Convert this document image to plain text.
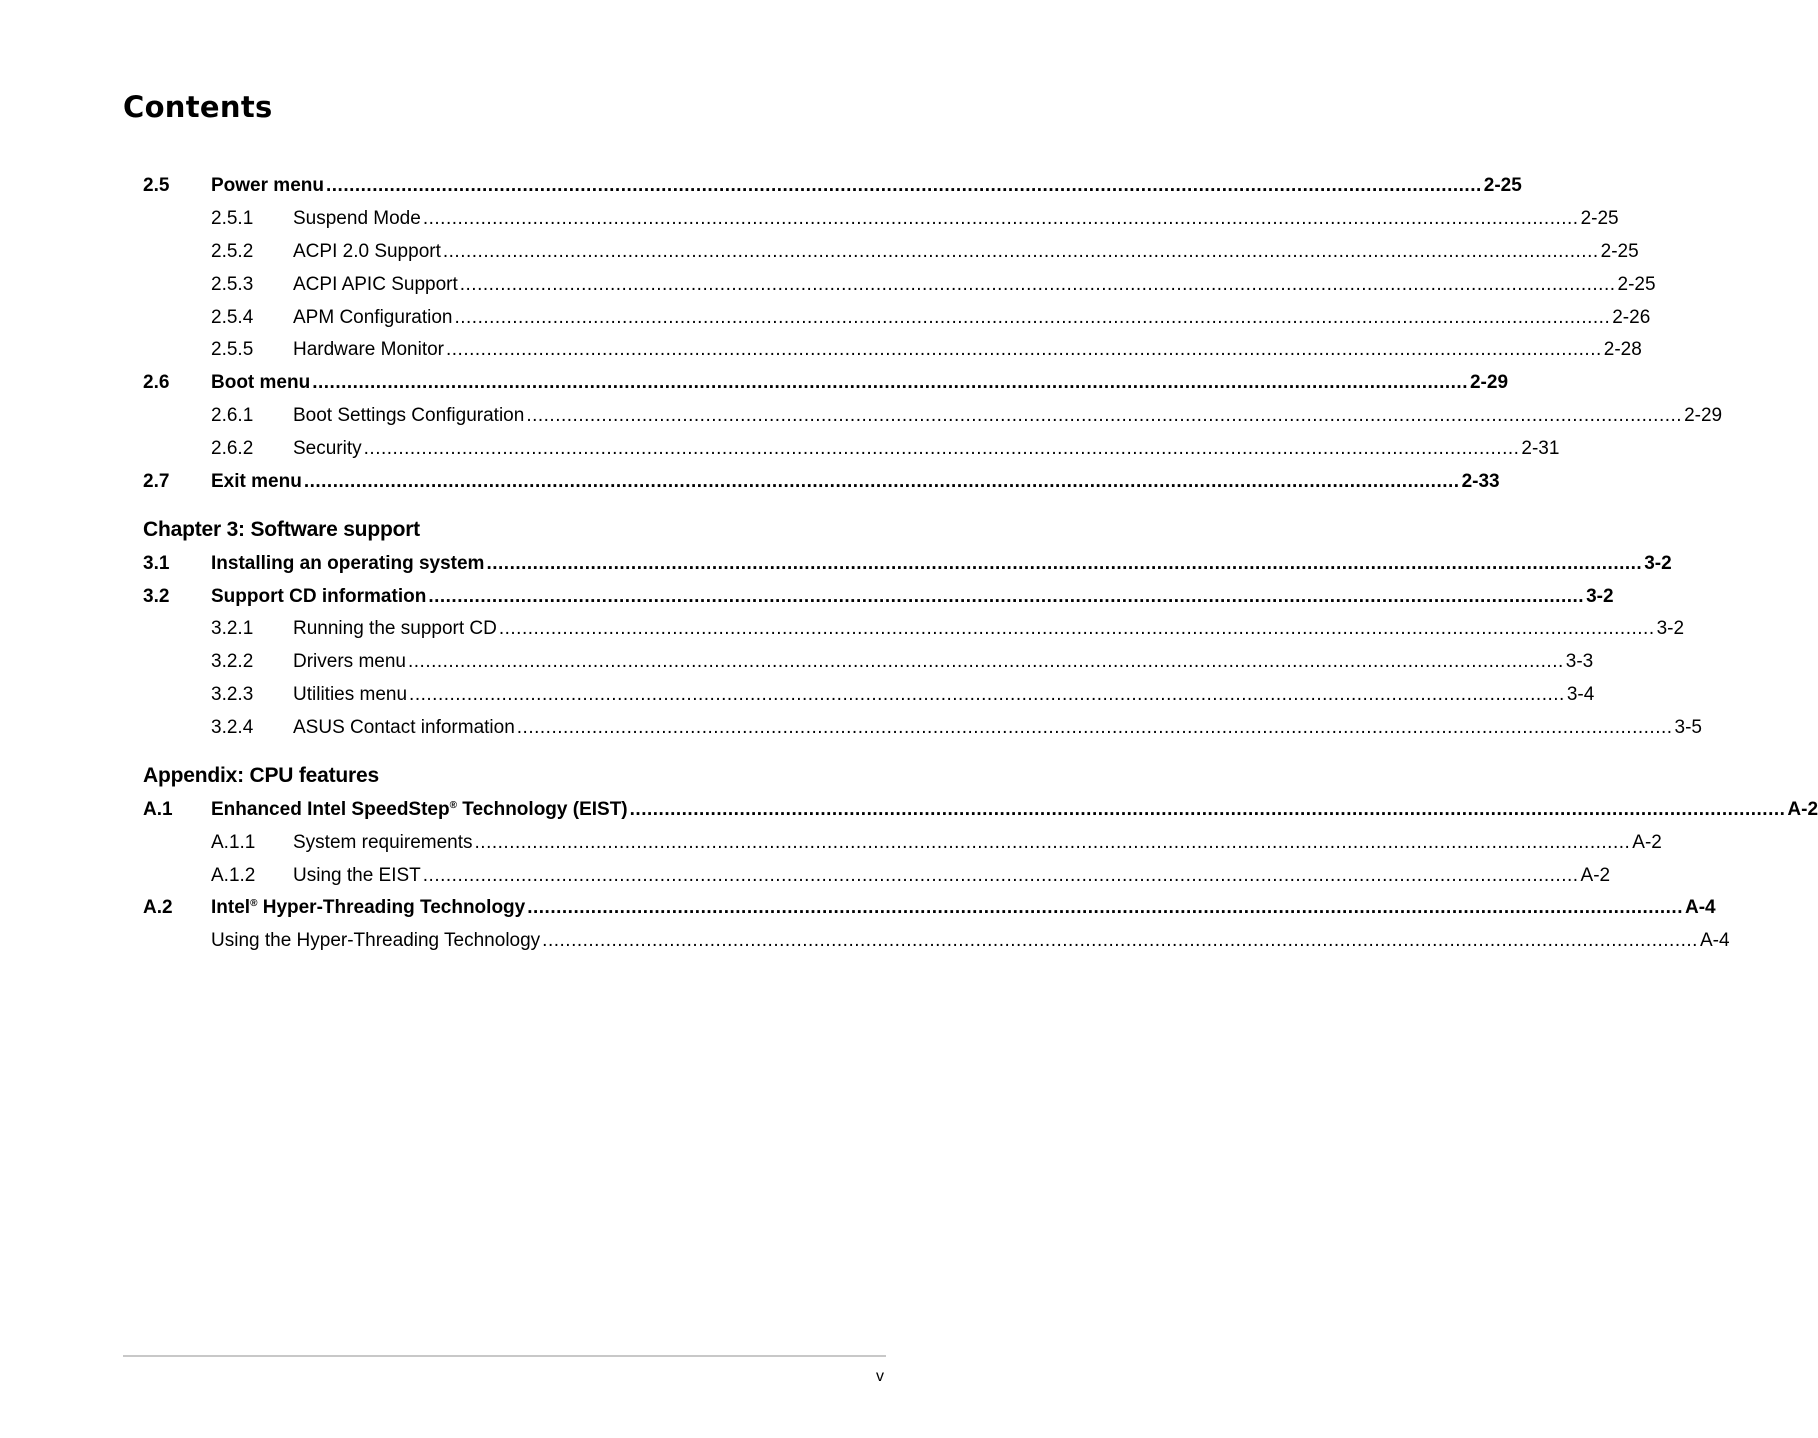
Contents
2.5 Power menu ........................................................................................................................................................................................................ 2-25
2.5.1 Suspend Mode ........................................................................................................................................................................................................ 2-25
2.5.2 ACPI 2.0 Support ........................................................................................................................................................................................................ 2-25
2.5.3 ACPI APIC Support ........................................................................................................................................................................................................ 2-25
2.5.4 APM Configuration ........................................................................................................................................................................................................ 2-26
2.5.5 Hardware Monitor ........................................................................................................................................................................................................ 2-28
2.6 Boot menu ........................................................................................................................................................................................................ 2-29
2.6.1 Boot Settings Configuration ........................................................................................................................................................................................................ 2-29
2.6.2 Security ........................................................................................................................................................................................................ 2-31
2.7 Exit menu ........................................................................................................................................................................................................ 2-33
Chapter 3: Software support
3.1 Installing an operating system ........................................................................................................................................................................................................ 3-2
3.2 Support CD information ........................................................................................................................................................................................................ 3-2
3.2.1 Running the support CD ........................................................................................................................................................................................................ 3-2
3.2.2 Drivers menu ........................................................................................................................................................................................................ 3-3
3.2.3 Utilities menu ........................................................................................................................................................................................................ 3-4
3.2.4 ASUS Contact information ........................................................................................................................................................................................................ 3-5
Appendix: CPU features
A.1 Enhanced Intel SpeedStep® Technology (EIST) ........................................................................................................................................................................................................ A-2
A.1.1 System requirements ........................................................................................................................................................................................................ A-2
A.1.2 Using the EIST ........................................................................................................................................................................................................ A-2
A.2 Intel® Hyper-Threading Technology ........................................................................................................................................................................................................ A-4
Using the Hyper-Threading Technology ........................................................................................................................................................................................................ A-4
v
